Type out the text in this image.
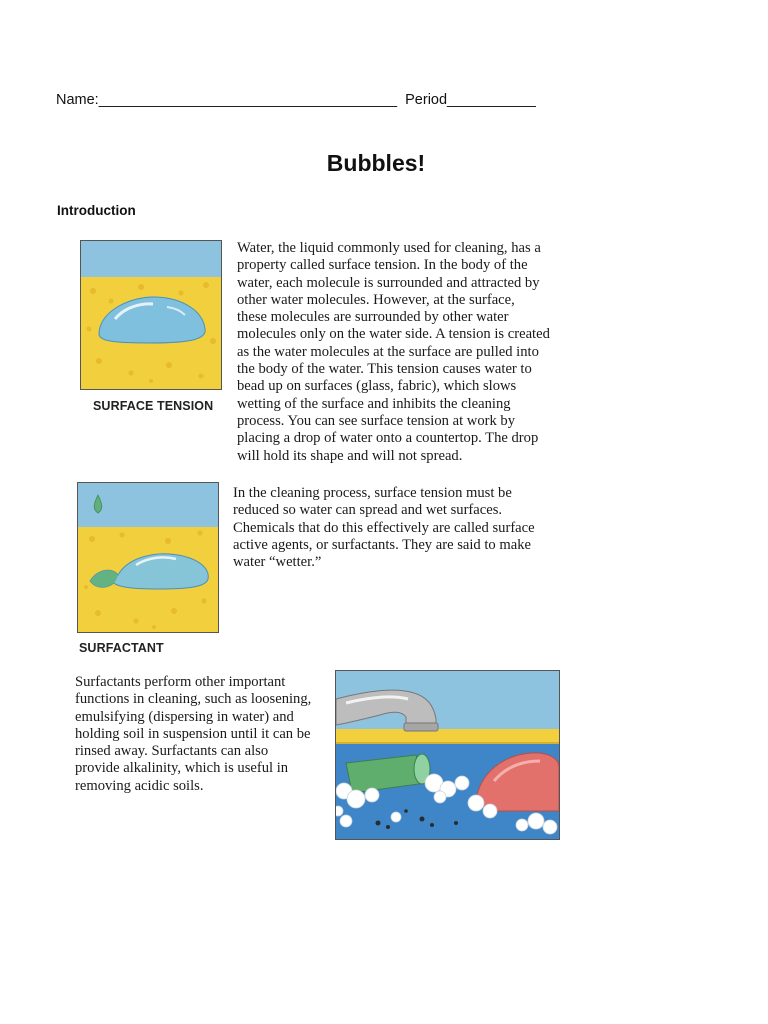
Name:_____________________________________  Period___________
Bubbles!
Introduction
SURFACE TENSION
Water, the liquid commonly used for cleaning, has a
property called surface tension. In the body of the
water, each molecule is surrounded and attracted by
other water molecules. However, at the surface,
these molecules are surrounded by other water
molecules only on the water side. A tension is created
as the water molecules at the surface are pulled into
the body of the water. This tension causes water to
bead up on surfaces (glass, fabric), which slows
wetting of the surface and inhibits the cleaning
process. You can see surface tension at work by
placing a drop of water onto a countertop. The drop
will hold its shape and will not spread.
SURFACTANT
In the cleaning process, surface tension must be
reduced so water can spread and wet surfaces.
Chemicals that do this effectively are called surface
active agents, or surfactants. They are said to make
water “wetter.”
Surfactants perform other important
functions in cleaning, such as loosening,
emulsifying (dispersing in water) and
holding soil in suspension until it can be
rinsed away. Surfactants can also
provide alkalinity, which is useful in
removing acidic soils.
